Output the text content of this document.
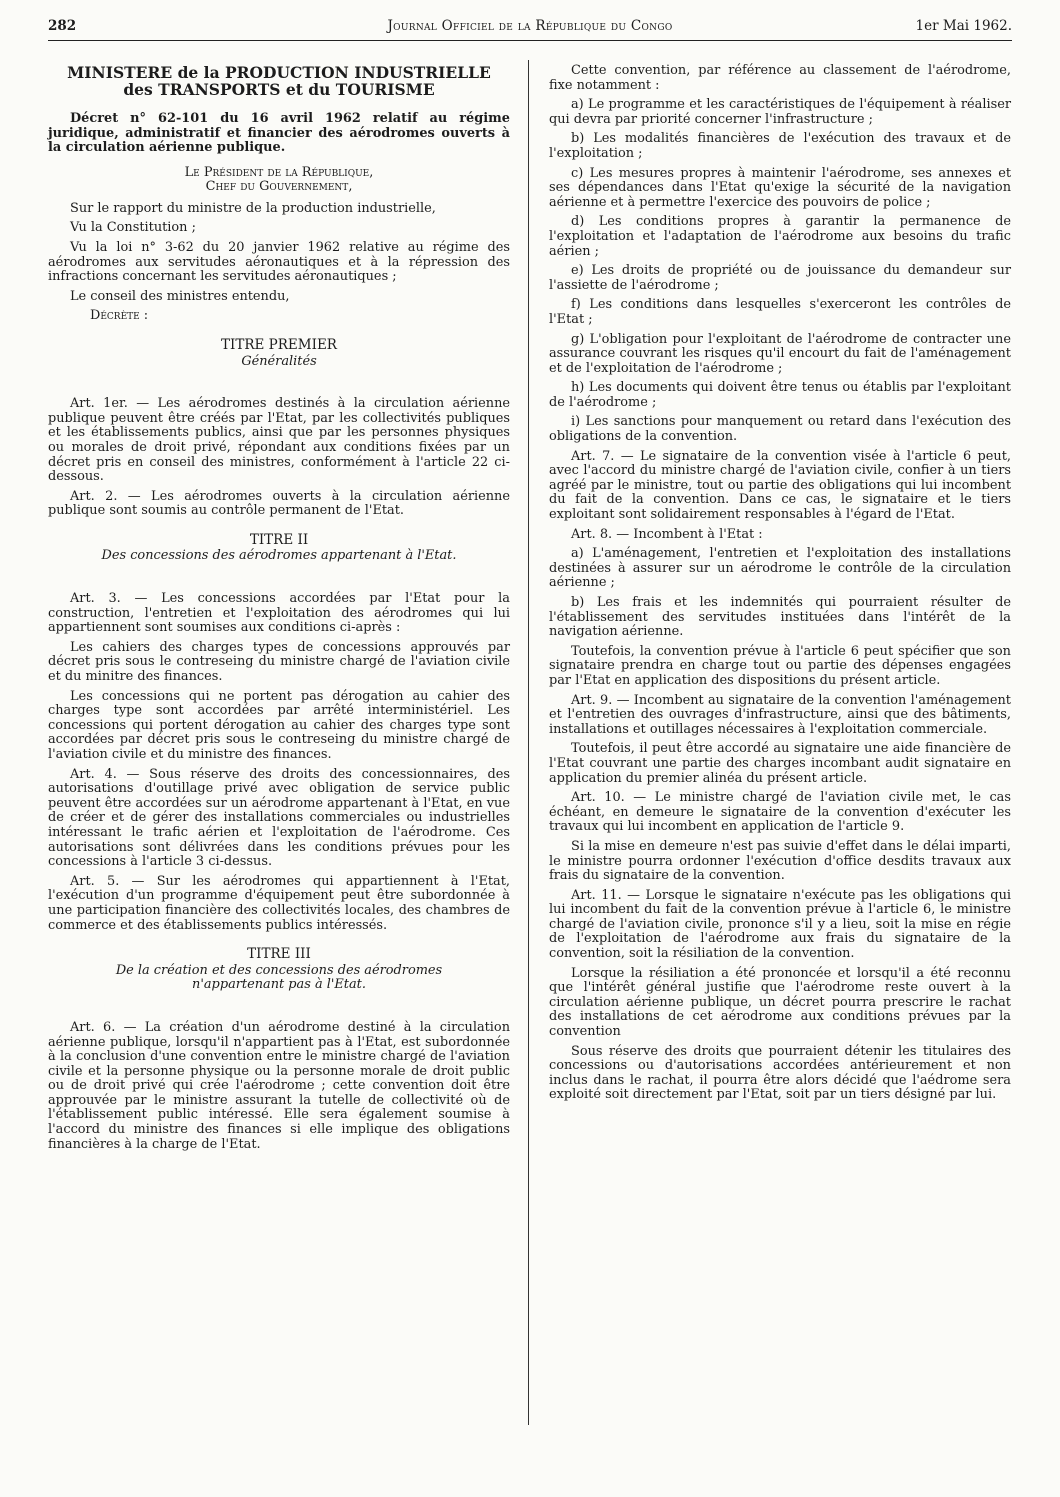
282	Journal Officiel de la République du Congo	1er Mai 1962.
MINISTERE de la PRODUCTION INDUSTRIELLE
des TRANSPORTS et du TOURISME

Décret n° 62-101 du 16 avril 1962 relatif au régime juridique, administratif et financier des aérodromes ouverts à la circulation aérienne publique.

Le Président de la République,
Chef du Gouvernement,

Sur le rapport du ministre de la production industrielle,

Vu la Constitution ;

Vu la loi n° 3-62 du 20 janvier 1962 relative au régime des aérodromes aux servitudes aéronautiques et à la répression des infractions concernant les servitudes aéronautiques ;

Le conseil des ministres entendu,

Décrète :
TITRE PREMIER
Généralités

Art. 1er. — Les aérodromes destinés à la circulation aérienne publique peuvent être créés par l'Etat, par les collectivités publiques et les établissements publics, ainsi que par les personnes physiques ou morales de droit privé, répondant aux conditions fixées par un décret pris en conseil des ministres, conformément à l'article 22 ci-dessous.

Art. 2. — Les aérodromes ouverts à la circulation aérienne publique sont soumis au contrôle permanent de l'Etat.

TITRE II
Des concessions des aérodromes appartenant à l'Etat.

Art. 3. — Les concessions accordées par l'Etat pour la construction, l'entretien et l'exploitation des aérodromes qui lui appartiennent sont soumises aux conditions ci-après :

Les cahiers des charges types de concessions approuvés par décret pris sous le contreseing du ministre chargé de l'aviation civile et du minitre des finances.

Les concessions qui ne portent pas dérogation au cahier des charges type sont accordées par arrêté interministériel. Les concessions qui portent dérogation au cahier des charges type sont accordées par décret pris sous le contreseing du ministre chargé de l'aviation civile et du ministre des finances.

Art. 4. — Sous réserve des droits des concessionnaires, des autorisations d'outillage privé avec obligation de service public peuvent être accordées sur un aérodrome appartenant à l'Etat, en vue de créer et de gérer des installations commerciales ou industrielles intéressant le trafic aérien et l'exploitation de l'aérodrome. Ces autorisations sont délivrées dans les conditions prévues pour les concessions à l'article 3 ci-dessus.

Art. 5. — Sur les aérodromes qui appartiennent à l'Etat, l'exécution d'un programme d'équipement peut être subordonnée à une participation financière des collectivités locales, des chambres de commerce et des établissements publics intéressés.

TITRE III
De la création et des concessions des aérodromes
n'appartenant pas à l'Etat.

Art. 6. — La création d'un aérodrome destiné à la circulation aérienne publique, lorsqu'il n'appartient pas à l'Etat, est subordonnée à la conclusion d'une convention entre le ministre chargé de l'aviation civile et la personne physique ou la personne morale de droit public ou de droit privé qui crée l'aérodrome ; cette convention doit être approuvée par le ministre assurant la tutelle de collectivité où de l'établissement public intéressé. Elle sera également soumise à l'accord du ministre des finances si elle implique des obligations financières à la charge de l'Etat.

Cette convention, par référence au classement de l'aérodrome, fixe notamment :

a) Le programme et les caractéristiques de l'équipement à réaliser qui devra par priorité concerner l'infrastructure ;

b) Les modalités financières de l'exécution des travaux et de l'exploitation ;

c) Les mesures propres à maintenir l'aérodrome, ses annexes et ses dépendances dans l'Etat qu'exige la sécurité de la navigation aérienne et à permettre l'exercice des pouvoirs de police ;

d) Les conditions propres à garantir la permanence de l'exploitation et l'adaptation de l'aérodrome aux besoins du trafic aérien ;

e) Les droits de propriété ou de jouissance du demandeur sur l'assiette de l'aérodrome ;

f) Les conditions dans lesquelles s'exerceront les contrôles de l'Etat ;

g) L'obligation pour l'exploitant de l'aérodrome de contracter une assurance couvrant les risques qu'il encourt du fait de l'aménagement et de l'exploitation de l'aérodrome ;

h) Les documents qui doivent être tenus ou établis par l'exploitant de l'aérodrome ;

i) Les sanctions pour manquement ou retard dans l'exécution des obligations de la convention.

Art. 7. — Le signataire de la convention visée à l'article 6 peut, avec l'accord du ministre chargé de l'aviation civile, confier à un tiers agréé par le ministre, tout ou partie des obligations qui lui incombent du fait de la convention. Dans ce cas, le signataire et le tiers exploitant sont solidairement responsables à l'égard de l'Etat.

Art. 8. — Incombent à l'Etat :

a) L'aménagement, l'entretien et l'exploitation des installations destinées à assurer sur un aérodrome le contrôle de la circulation aérienne ;

b) Les frais et les indemnités qui pourraient résulter de l'établissement des servitudes instituées dans l'intérêt de la navigation aérienne.

Toutefois, la convention prévue à l'article 6 peut spécifier que son signataire prendra en charge tout ou partie des dépenses engagées par l'Etat en application des dispositions du présent article.

Art. 9. — Incombent au signataire de la convention l'aménagement et l'entretien des ouvrages d'infrastructure, ainsi que des bâtiments, installations et outillages nécessaires à l'exploitation commerciale.

Toutefois, il peut être accordé au signataire une aide financière de l'Etat couvrant une partie des charges incombant audit signataire en application du premier alinéa du présent article.

Art. 10. — Le ministre chargé de l'aviation civile met, le cas échéant, en demeure le signataire de la convention d'exécuter les travaux qui lui incombent en application de l'article 9.

Si la mise en demeure n'est pas suivie d'effet dans le délai imparti, le ministre pourra ordonner l'exécution d'office desdits travaux aux frais du signataire de la convention.

Art. 11. — Lorsque le signataire n'exécute pas les obligations qui lui incombent du fait de la convention prévue à l'article 6, le ministre chargé de l'aviation civile, prononce s'il y a lieu, soit la mise en régie de l'exploitation de l'aérodrome aux frais du signataire de la convention, soit la résiliation de la convention.

Lorsque la résiliation a été prononcée et lorsqu'il a été reconnu que l'intérêt général justifie que l'aérodrome reste ouvert à la circulation aérienne publique, un décret pourra prescrire le rachat des installations de cet aérodrome aux conditions prévues par la convention

Sous réserve des droits que pourraient détenir les titulaires des concessions ou d'autorisations accordées antérieurement et non inclus dans le rachat, il pourra être alors décidé que l'aédrome sera exploité soit directement par l'Etat, soit par un tiers désigné par lui.
